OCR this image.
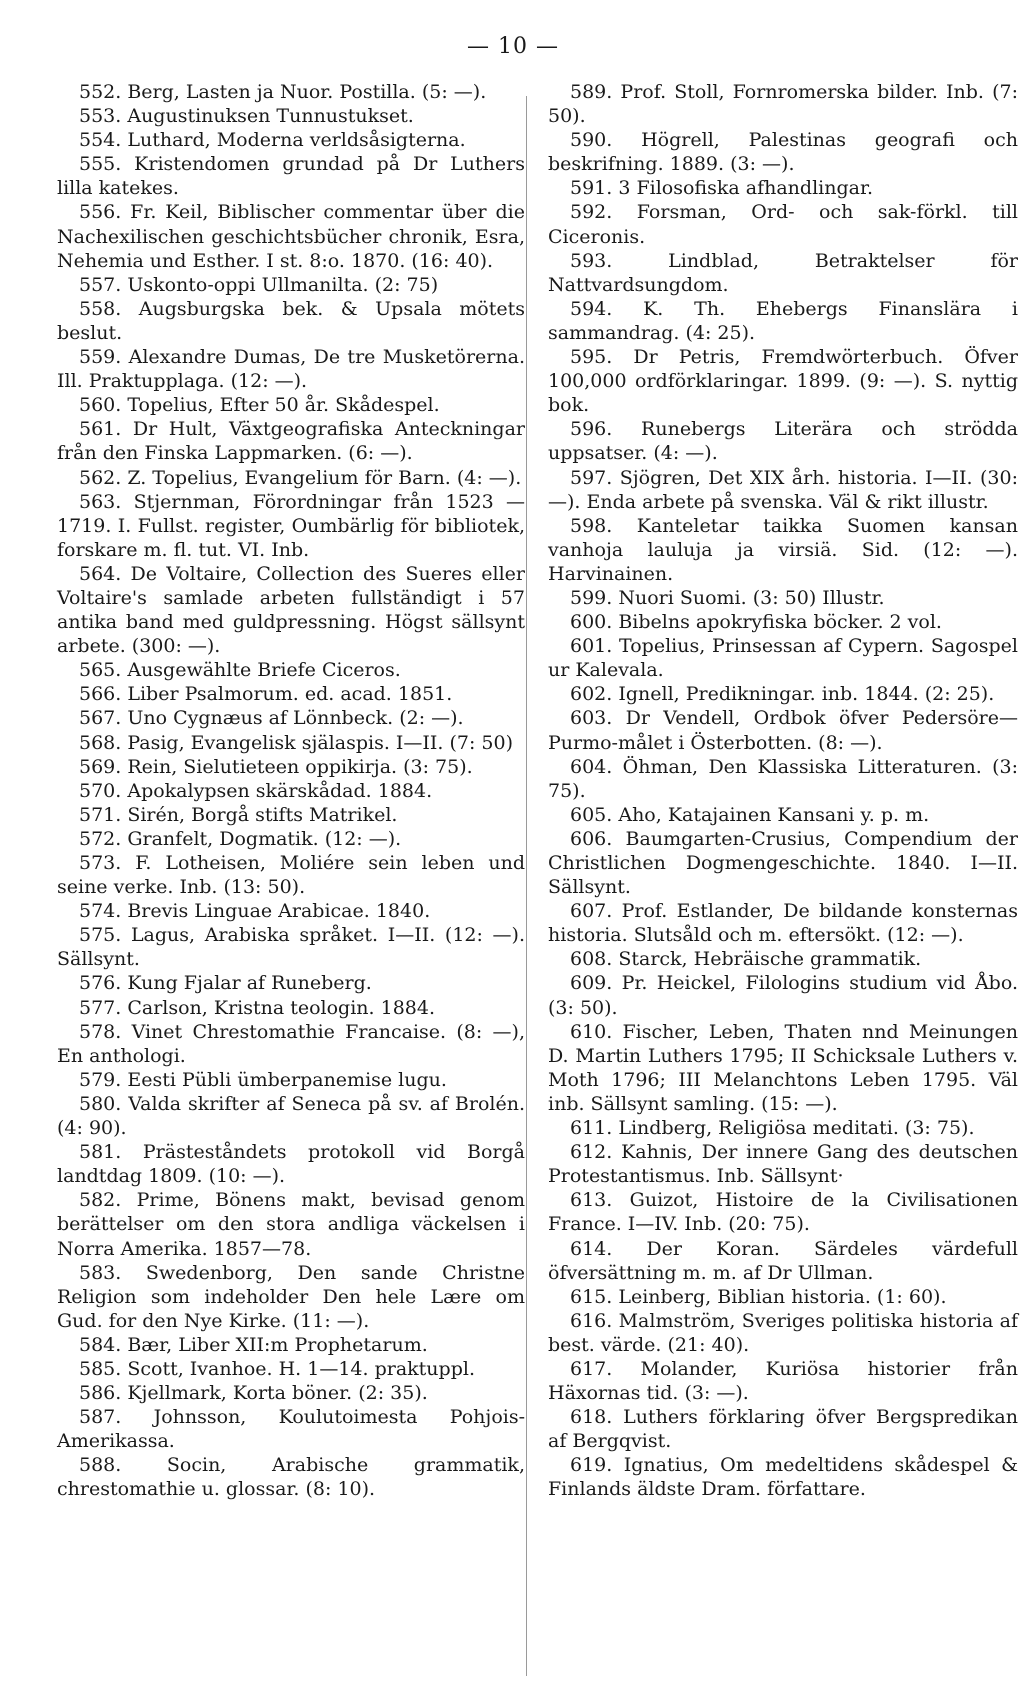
— 10 —

552. Berg, Lasten ja Nuor. Postilla. (5: —).

553. Augustinuksen Tunnustukset.

554. Luthard, Moderna verldsåsigterna.

555. Kristendomen grundad på Dr Luthers lilla katekes.

556. Fr. Keil, Biblischer commentar über die Nachexilischen geschichtsbücher chronik, Esra, Nehemia und Esther. I st. 8:o. 1870. (16: 40).

557. Uskonto-oppi Ullmanilta. (2: 75)

558. Augsburgska bek. & Upsala mötets beslut.

559. Alexandre Dumas, De tre Musketörerna. Ill. Praktupplaga. (12: —).

560. Topelius, Efter 50 år. Skådespel.

561. Dr Hult, Växtgeografiska Anteckningar från den Finska Lappmarken. (6: —).

562. Z. Topelius, Evangelium för Barn. (4: —).

563. Stjernman, Förordningar från 1523 —1719. I. Fullst. register, Oumbärlig för bibliotek, forskare m. fl. tut. VI. Inb.

564. De Voltaire, Collection des Sueres eller Voltaire's samlade arbeten fullständigt i 57 antika band med guldpressning. Högst sällsynt arbete. (300: —).

565. Ausgewählte Briefe Ciceros.

566. Liber Psalmorum. ed. acad. 1851.

567. Uno Cygnæus af Lönnbeck. (2: —).

568. Pasig, Evangelisk själaspis. I—II. (7: 50)

569. Rein, Sielutieteen oppikirja. (3: 75).

570. Apokalypsen skärskådad. 1884.

571. Sirén, Borgå stifts Matrikel.

572. Granfelt, Dogmatik. (12: —).

573. F. Lotheisen, Moliére sein leben und seine verke. Inb. (13: 50).

574. Brevis Linguae Arabicae. 1840.

575. Lagus, Arabiska språket. I—II. (12: —). Sällsynt.

576. Kung Fjalar af Runeberg.

577. Carlson, Kristna teologin. 1884.

578. Vinet Chrestomathie Francaise. (8: —), En anthologi.

579. Eesti Pübli ümberpanemise lugu.

580. Valda skrifter af Seneca på sv. af Brolén. (4: 90).

581. Prästeståndets protokoll vid Borgå landtdag 1809. (10: —).

582. Prime, Bönens makt, bevisad genom berättelser om den stora andliga väckelsen i Norra Amerika. 1857—78.

583. Swedenborg, Den sande Christne Religion som indeholder Den hele Lære om Gud. for den Nye Kirke. (11: —).

584. Bær, Liber XII:m Prophetarum.

585. Scott, Ivanhoe. H. 1—14. praktuppl.

586. Kjellmark, Korta böner. (2: 35).

587. Johnsson, Koulutoimesta Pohjois-Amerikassa.

588. Socin, Arabische grammatik, chrestomathie u. glossar. (8: 10).

589. Prof. Stoll, Fornromerska bilder. Inb. (7: 50).

590. Högrell, Palestinas geografi och beskrifning. 1889. (3: —).

591. 3 Filosofiska afhandlingar.

592. Forsman, Ord- och sak-förkl. till Ciceronis.

593. Lindblad, Betraktelser för Nattvardsungdom.

594. K. Th. Ehebergs Finanslära i sammandrag. (4: 25).

595. Dr Petris, Fremdwörterbuch. Öfver 100,000 ordförklaringar. 1899. (9: —). S. nyttig bok.

596. Runebergs Literära och strödda uppsatser. (4: —).

597. Sjögren, Det XIX årh. historia. I—II. (30: —). Enda arbete på svenska. Väl & rikt illustr.

598. Kanteletar taikka Suomen kansan vanhoja lauluja ja virsiä. Sid. (12: —). Harvinainen.

599. Nuori Suomi. (3: 50) Illustr.

600. Bibelns apokryfiska böcker. 2 vol.

601. Topelius, Prinsessan af Cypern. Sagospel ur Kalevala.

602. Ignell, Predikningar. inb. 1844. (2: 25).

603. Dr Vendell, Ordbok öfver Pedersöre—Purmo-målet i Österbotten. (8: —).

604. Öhman, Den Klassiska Litteraturen. (3: 75).

605. Aho, Katajainen Kansani y. p. m.

606. Baumgarten-Crusius, Compendium der Christlichen Dogmengeschichte. 1840. I—II. Sällsynt.

607. Prof. Estlander, De bildande konsternas historia. Slutsåld och m. eftersökt. (12: —).

608. Starck, Hebräische grammatik.

609. Pr. Heickel, Filologins studium vid Åbo. (3: 50).

610. Fischer, Leben, Thaten nnd Meinungen D. Martin Luthers 1795; II Schicksale Luthers v. Moth 1796; III Melanchtons Leben 1795. Väl inb. Sällsynt samling. (15: —).

611. Lindberg, Religiösa meditati. (3: 75).

612. Kahnis, Der innere Gang des deutschen Protestantismus. Inb. Sällsynt·

613. Guizot, Histoire de la Civilisationen France. I—IV. Inb. (20: 75).

614. Der Koran. Särdeles värdefull öfversättning m. m. af Dr Ullman.

615. Leinberg, Biblian historia. (1: 60).

616. Malmström, Sveriges politiska historia af best. värde. (21: 40).

617. Molander, Kuriösa historier från Häxornas tid. (3: —).

618. Luthers förklaring öfver Bergspredikan af Bergqvist.

619. Ignatius, Om medeltidens skådespel & Finlands äldste Dram. författare.
